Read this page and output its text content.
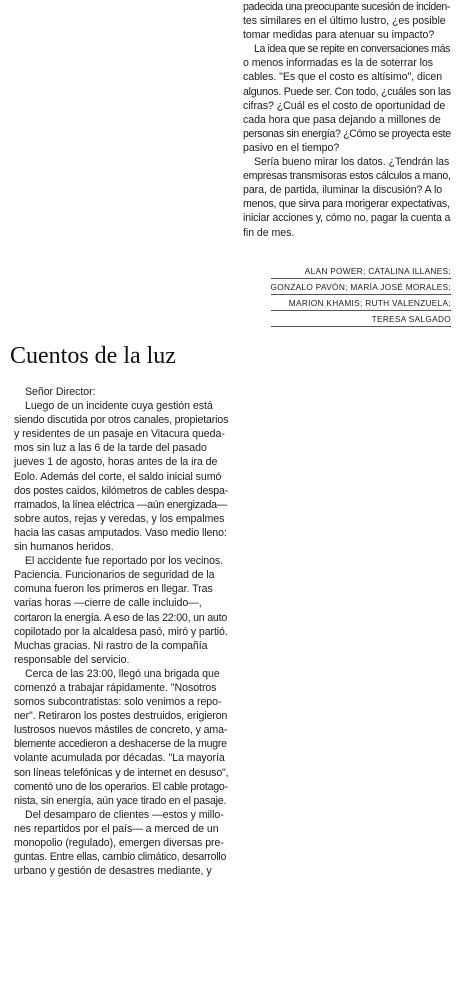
padecida una preocupante sucesión de inciden-
tes similares en el último lustro, ¿es posible
tomar medidas para atenuar su impacto?
La idea que se repite en conversaciones más
o menos informadas es la de soterrar los
cables. "Es que el costo es altísimo", dicen
algunos. Puede ser. Con todo, ¿cuáles son las
cifras? ¿Cuál es el costo de oportunidad de
cada hora que pasa dejando a millones de
personas sin energía? ¿Cómo se proyecta este
pasivo en el tiempo?
Sería bueno mirar los datos. ¿Tendrán las
empresas transmisoras estos cálculos a mano,
para, de partida, iluminar la discusión? A lo
menos, que sirva para morigerar expectativas,
iniciar acciones y, cómo no, pagar la cuenta a
fin de mes.
ALAN POWER; CATALINA ILLANES;
GONZALO PAVÓN; MARÍA JOSÉ MORALES;
MARION KHAMIS; RUTH VALENZUELA;
TERESA SALGADO
Cuentos de la luz
Señor Director:
Luego de un incidente cuya gestión está
siendo discutida por otros canales, propietarios
y residentes de un pasaje en Vitacura queda-
mos sin luz a las 6 de la tarde del pasado
jueves 1 de agosto, horas antes de la ira de
Eolo. Además del corte, el saldo inicial sumó
dos postes caídos, kilómetros de cables despa-
rramados, la línea eléctrica —aún energizada—
sobre autos, rejas y veredas, y los empalmes
hacia las casas amputados. Vaso medio lleno:
sin humanos heridos.
El accidente fue reportado por los vecinos.
Paciencia. Funcionarios de seguridad de la
comuna fueron los primeros en llegar. Tras
varias horas —cierre de calle incluido—,
cortaron la energía. A eso de las 22:00, un auto
copilotado por la alcaldesa pasó, miró y partió.
Muchas gracias. Ni rastro de la compañía
responsable del servicio.
Cerca de las 23:00, llegó una brigada que
comenzó a trabajar rápidamente. "Nosotros
somos subcontratistas: solo venimos a repo-
ner". Retiraron los postes destruidos, erigieron
lustrosos nuevos mástiles de concreto, y ama-
blemente accedieron a deshacerse de la mugre
volante acumulada por décadas. "La mayoría
son líneas telefónicas y de internet en desuso",
comentó uno de los operarios. El cable protago-
nista, sin energía, aún yace tirado en el pasaje.
Del desamparo de clientes —estos y millo-
nes repartidos por el país— a merced de un
monopolio (regulado), emergen diversas pre-
guntas. Entre ellas, cambio climático, desarrollo
urbano y gestión de desastres mediante, y
